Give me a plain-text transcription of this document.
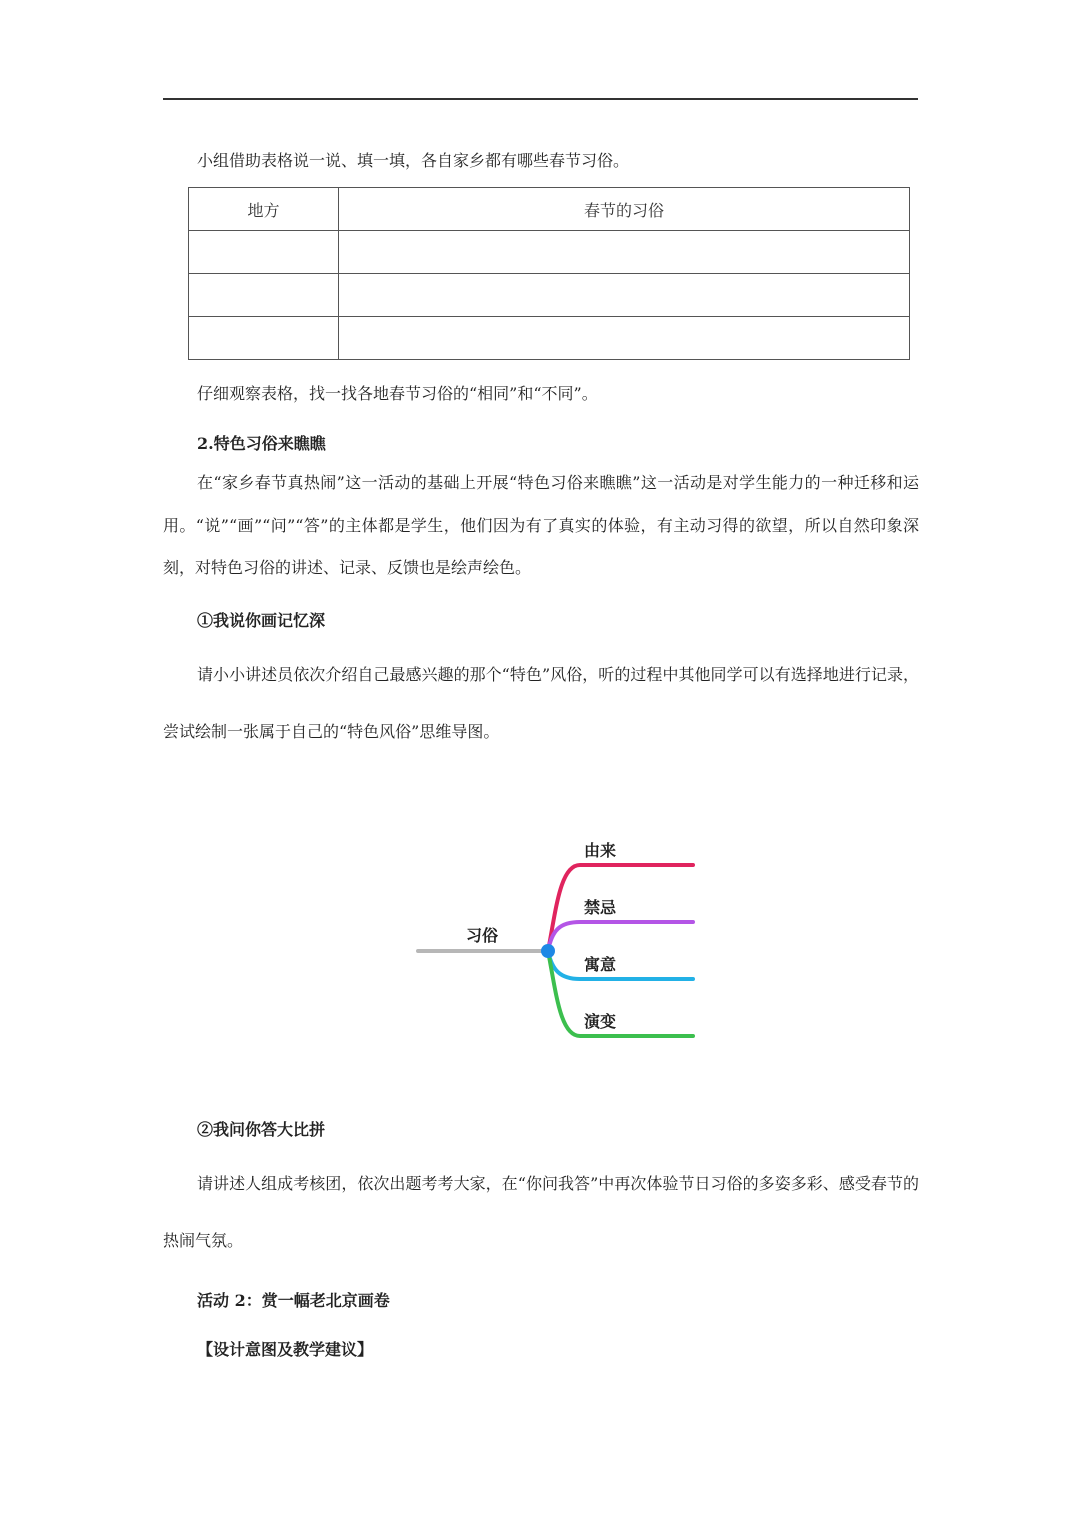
小组借助表格说一说、填一填，各自家乡都有哪些春节习俗。

地方	春节的习俗

仔细观察表格，找一找各地春节习俗的“相同”和“不同”。

2.特色习俗来瞧瞧

在“家乡春节真热闹”这一活动的基础上开展“特色习俗来瞧瞧”这一活动是对学生能力的一种迁移和运用。“说”“画”“问”“答”的主体都是学生，他们因为有了真实的体验，有主动习得的欲望，所以自然印象深刻，对特色习俗的讲述、记录、反馈也是绘声绘色。

①我说你画记忆深

请小小讲述员依次介绍自己最感兴趣的那个“特色”风俗，听的过程中其他同学可以有选择地进行记录，尝试绘制一张属于自己的“特色风俗”思维导图。

习俗
由来
禁忌
寓意
演变

②我问你答大比拼

请讲述人组成考核团，依次出题考考大家，在“你问我答”中再次体验节日习俗的多姿多彩、感受春节的热闹气氛。

活动 2：赏一幅老北京画卷

【设计意图及教学建议】
